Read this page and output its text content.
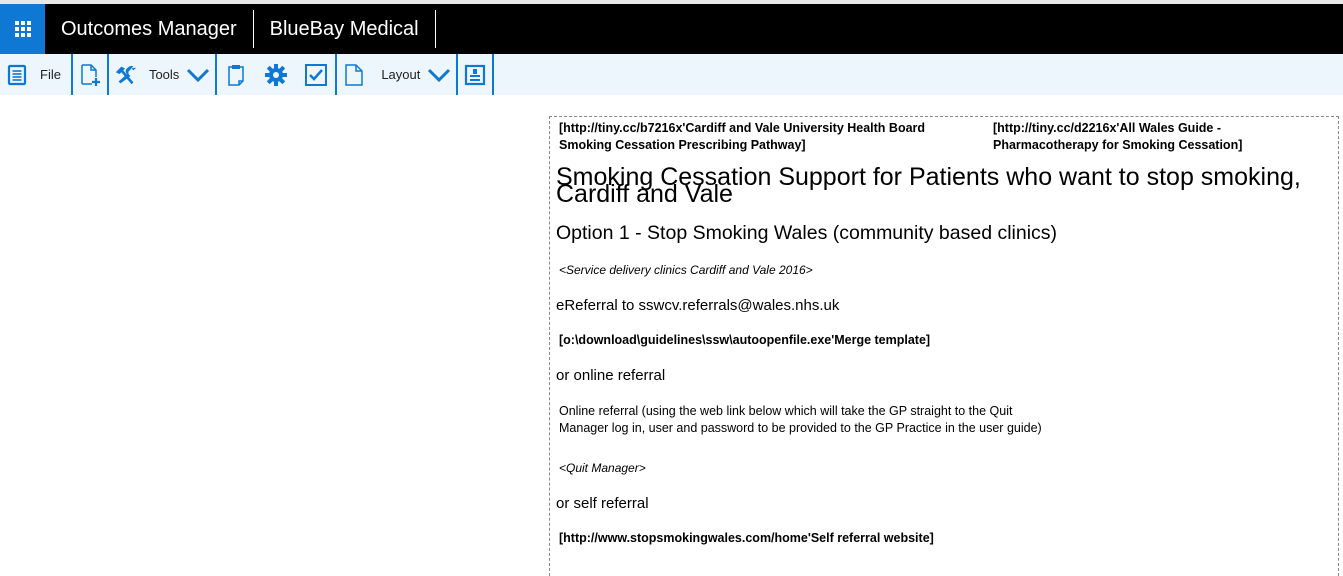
Outcomes Manager	BlueBay Medical
File	Tools	Layout
[http://tiny.cc/b7216x'Cardiff and Vale University Health Board Smoking Cessation Prescribing Pathway]
[http://tiny.cc/d2216x'All Wales Guide - Pharmacotherapy for Smoking Cessation]
Smoking Cessation Support for Patients who want to stop smoking, Cardiff and Vale
Option 1 - Stop Smoking Wales (community based clinics)
<Service delivery clinics Cardiff and Vale 2016>
eReferral to sswcv.referrals@wales.nhs.uk
[o:\download\guidelines\ssw\autoopenfile.exe'Merge template]
or online referral
Online referral (using the web link below which will take the GP straight to the Quit Manager log in, user and password to be provided to the GP Practice in the user guide)
<Quit Manager>
or self referral
[http://www.stopsmokingwales.com/home'Self referral website]
